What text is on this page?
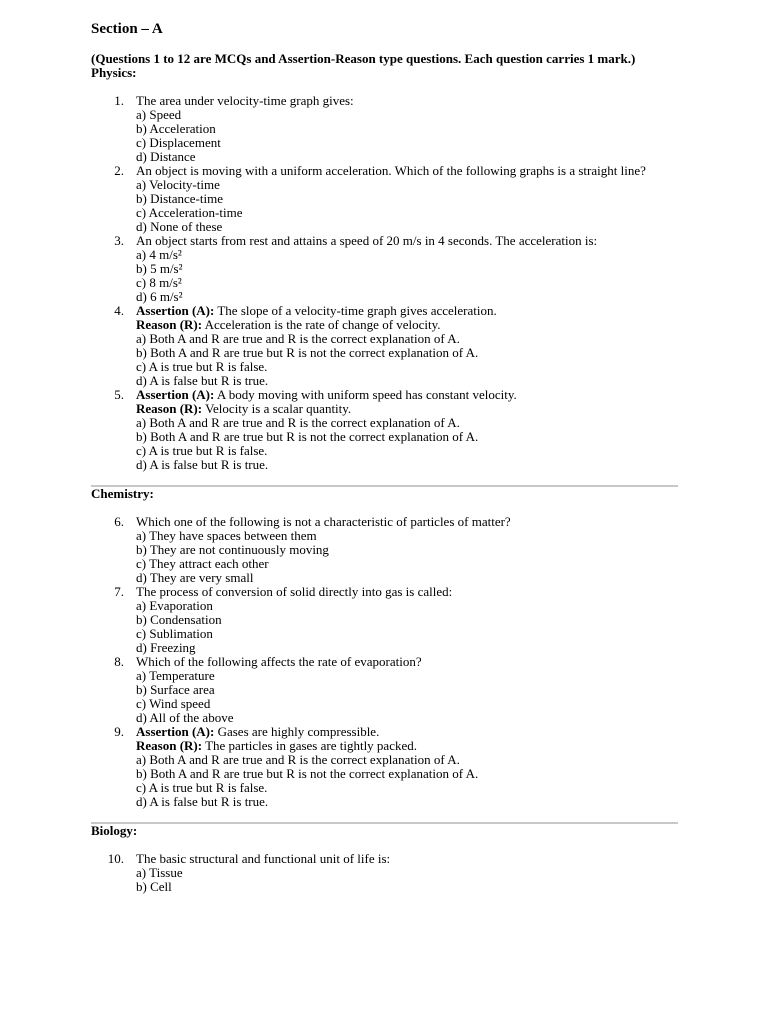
Section – A

(Questions 1 to 12 are MCQs and Assertion-Reason type questions. Each question carries 1 mark.)

Physics:
1. The area under velocity-time graph gives:
a) Speed
b) Acceleration
c) Displacement
d) Distance
2. An object is moving with a uniform acceleration. Which of the following graphs is a straight line?
a) Velocity-time
b) Distance-time
c) Acceleration-time
d) None of these
3. An object starts from rest and attains a speed of 20 m/s in 4 seconds. The acceleration is:
a) 4 m/s²
b) 5 m/s²
c) 8 m/s²
d) 6 m/s²
4. Assertion (A): The slope of a velocity-time graph gives acceleration.
Reason (R): Acceleration is the rate of change of velocity.
a) Both A and R are true and R is the correct explanation of A.
b) Both A and R are true but R is not the correct explanation of A.
c) A is true but R is false.
d) A is false but R is true.
5. Assertion (A): A body moving with uniform speed has constant velocity.
Reason (R): Velocity is a scalar quantity.
a) Both A and R are true and R is the correct explanation of A.
b) Both A and R are true but R is not the correct explanation of A.
c) A is true but R is false.
d) A is false but R is true.
Chemistry:
6. Which one of the following is not a characteristic of particles of matter?
a) They have spaces between them
b) They are not continuously moving
c) They attract each other
d) They are very small
7. The process of conversion of solid directly into gas is called:
a) Evaporation
b) Condensation
c) Sublimation
d) Freezing
8. Which of the following affects the rate of evaporation?
a) Temperature
b) Surface area
c) Wind speed
d) All of the above
9. Assertion (A): Gases are highly compressible.
Reason (R): The particles in gases are tightly packed.
a) Both A and R are true and R is the correct explanation of A.
b) Both A and R are true but R is not the correct explanation of A.
c) A is true but R is false.
d) A is false but R is true.
Biology:
10. The basic structural and functional unit of life is:
a) Tissue
b) Cell
